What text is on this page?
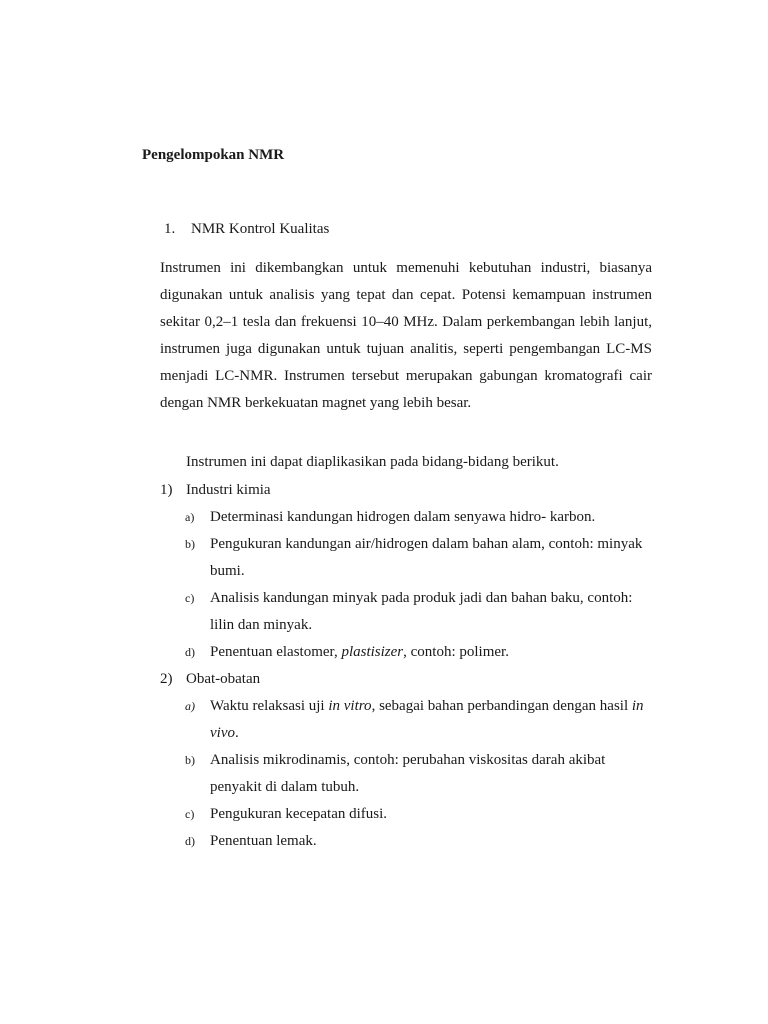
Pengelompokan NMR
1. NMR Kontrol Kualitas

Instrumen ini dikembangkan untuk memenuhi kebutuhan industri, biasanya digunakan untuk analisis yang tepat dan cepat. Potensi kemampuan instrumen sekitar 0,2–1 tesla dan frekuensi 10–40 MHz. Dalam perkembangan lebih lanjut, instrumen juga digunakan untuk tujuan analitis, seperti pengembangan LC-MS menjadi LC-NMR. Instrumen tersebut merupakan gabungan kromatografi cair dengan NMR berkekuatan magnet yang lebih besar.

Instrumen ini dapat diaplikasikan pada bidang-bidang berikut.
1) Industri kimia
a)	Determinasi kandungan hidrogen dalam senyawa hidro- karbon.
b)	Pengukuran kandungan air/hidrogen dalam bahan alam, contoh: minyak bumi.
c)	Analisis kandungan minyak pada produk jadi dan bahan baku, contoh: lilin dan minyak.
d)	Penentuan elastomer, plastisizer, contoh: polimer.
2) Obat-obatan
a)	Waktu relaksasi uji in vitro, sebagai bahan perbandingan dengan hasil in vivo.
b)	Analisis mikrodinamis, contoh: perubahan viskositas darah akibat penyakit di dalam tubuh.
c)	Pengukuran kecepatan difusi.
d)	Penentuan lemak.
